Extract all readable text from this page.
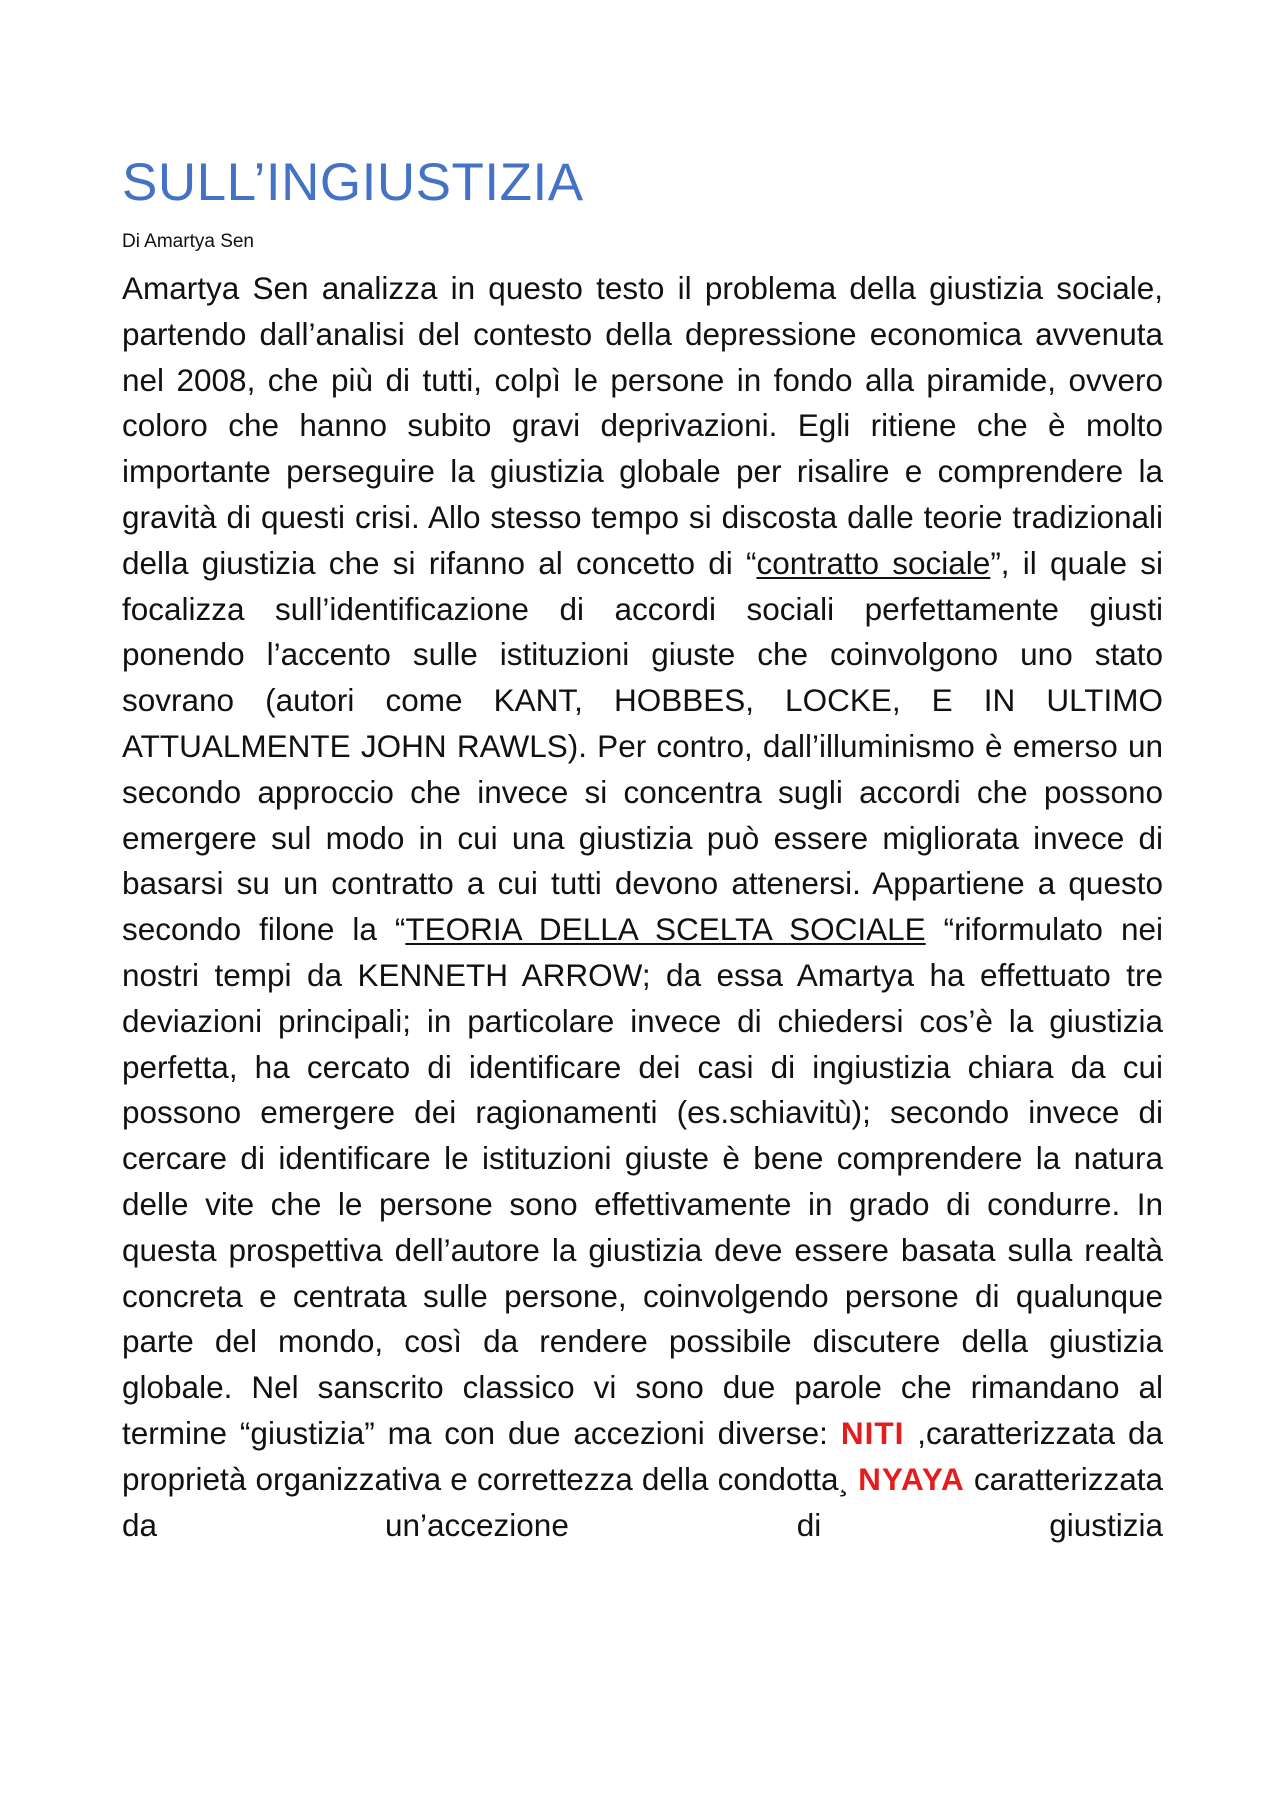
SULL’INGIUSTIZIA

Di Amartya Sen

Amartya Sen analizza in questo testo il problema della giustizia sociale, partendo dall’analisi del contesto della depressione economica avvenuta nel 2008, che più di tutti, colpì le persone in fondo alla piramide, ovvero coloro che hanno subito gravi deprivazioni. Egli ritiene che è molto importante perseguire la giustizia globale per risalire e comprendere la gravità di questi crisi. Allo stesso tempo si discosta dalle teorie tradizionali della giustizia che si rifanno al concetto di “contratto sociale”, il quale si focalizza sull’identificazione di accordi sociali perfettamente giusti ponendo l’accento sulle istituzioni giuste che coinvolgono uno stato sovrano (autori come KANT, HOBBES, LOCKE, E IN ULTIMO ATTUALMENTE JOHN RAWLS). Per contro, dall’illuminismo è emerso un secondo approccio che invece si concentra sugli accordi che possono emergere sul modo in cui una giustizia può essere migliorata invece di basarsi su un contratto a cui tutti devono attenersi. Appartiene a questo secondo filone la “TEORIA DELLA SCELTA SOCIALE “riformulato nei nostri tempi da KENNETH ARROW; da essa Amartya ha effettuato tre deviazioni principali; in particolare invece di chiedersi cos’è la giustizia perfetta, ha cercato di identificare dei casi di ingiustizia chiara da cui possono emergere dei ragionamenti (es.schiavitù); secondo invece di cercare di identificare le istituzioni giuste è bene comprendere la natura delle vite che le persone sono effettivamente in grado di condurre. In questa prospettiva dell’autore la giustizia deve essere basata sulla realtà concreta e centrata sulle persone, coinvolgendo persone di qualunque parte del mondo, così da rendere possibile discutere della giustizia globale. Nel sanscrito classico vi sono due parole che rimandano al termine “giustizia” ma con due accezioni diverse: NITI ,caratterizzata da proprietà organizzativa e correttezza della condotta¸ NYAYA caratterizzata da un’accezione di giustizia
